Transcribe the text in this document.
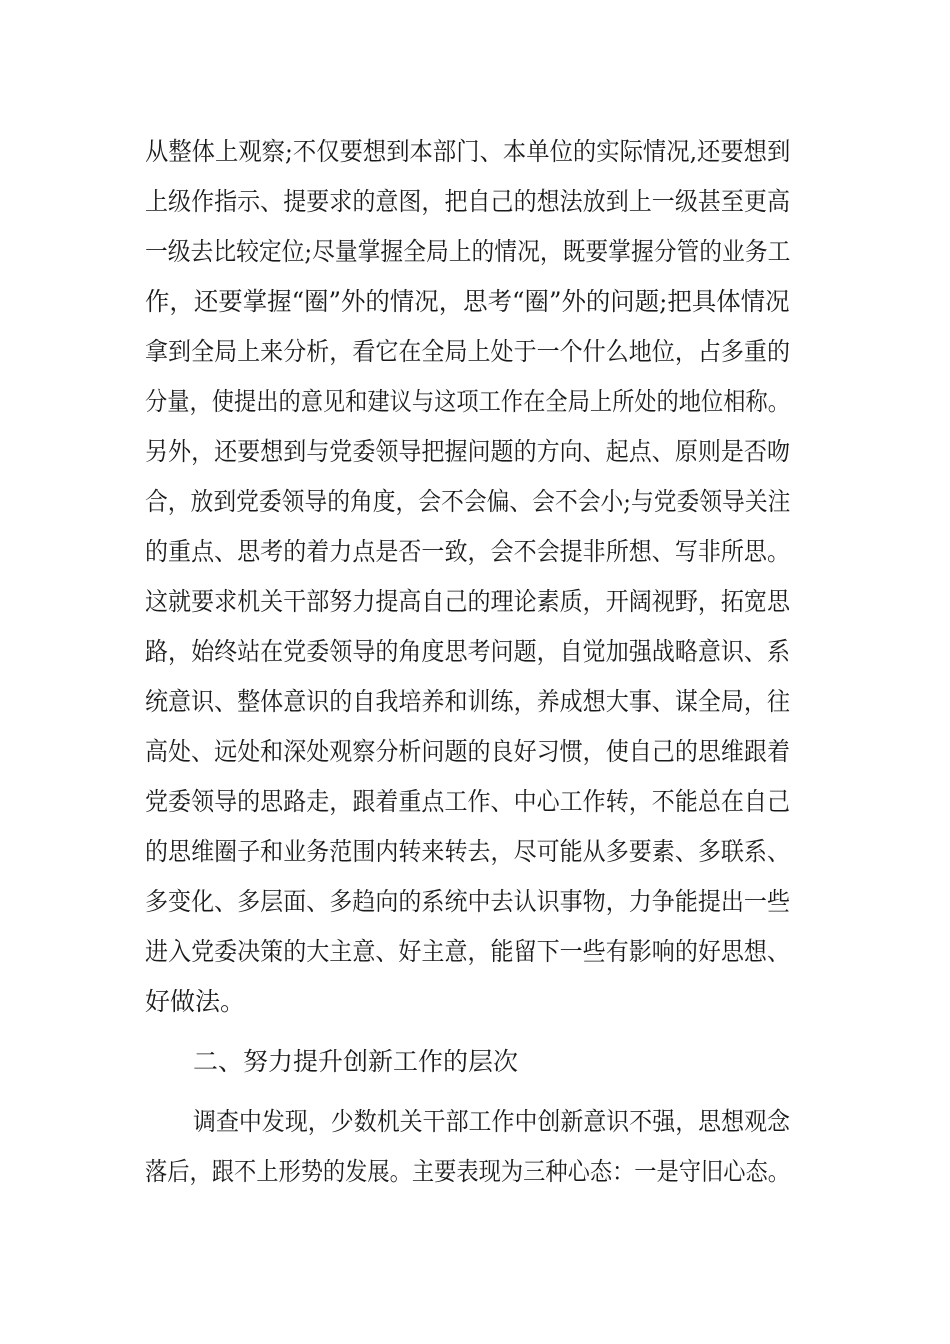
从整体上观察;不仅要想到本部门、本单位的实际情况,还要想到
上级作指示、提要求的意图，把自己的想法放到上一级甚至更高
一级去比较定位;尽量掌握全局上的情况，既要掌握分管的业务工
作，还要掌握“圈”外的情况，思考“圈”外的问题;把具体情况
拿到全局上来分析，看它在全局上处于一个什么地位，占多重的
分量，使提出的意见和建议与这项工作在全局上所处的地位相称。
另外，还要想到与党委领导把握问题的方向、起点、原则是否吻
合，放到党委领导的角度，会不会偏、会不会小;与党委领导关注
的重点、思考的着力点是否一致，会不会提非所想、写非所思。
这就要求机关干部努力提高自己的理论素质，开阔视野，拓宽思
路，始终站在党委领导的角度思考问题，自觉加强战略意识、系
统意识、整体意识的自我培养和训练，养成想大事、谋全局，往
高处、远处和深处观察分析问题的良好习惯，使自己的思维跟着
党委领导的思路走，跟着重点工作、中心工作转，不能总在自己
的思维圈子和业务范围内转来转去，尽可能从多要素、多联系、
多变化、多层面、多趋向的系统中去认识事物，力争能提出一些
进入党委决策的大主意、好主意，能留下一些有影响的好思想、
好做法。
二、努力提升创新工作的层次
调查中发现，少数机关干部工作中创新意识不强，思想观念
落后，跟不上形势的发展。主要表现为三种心态：一是守旧心态。
